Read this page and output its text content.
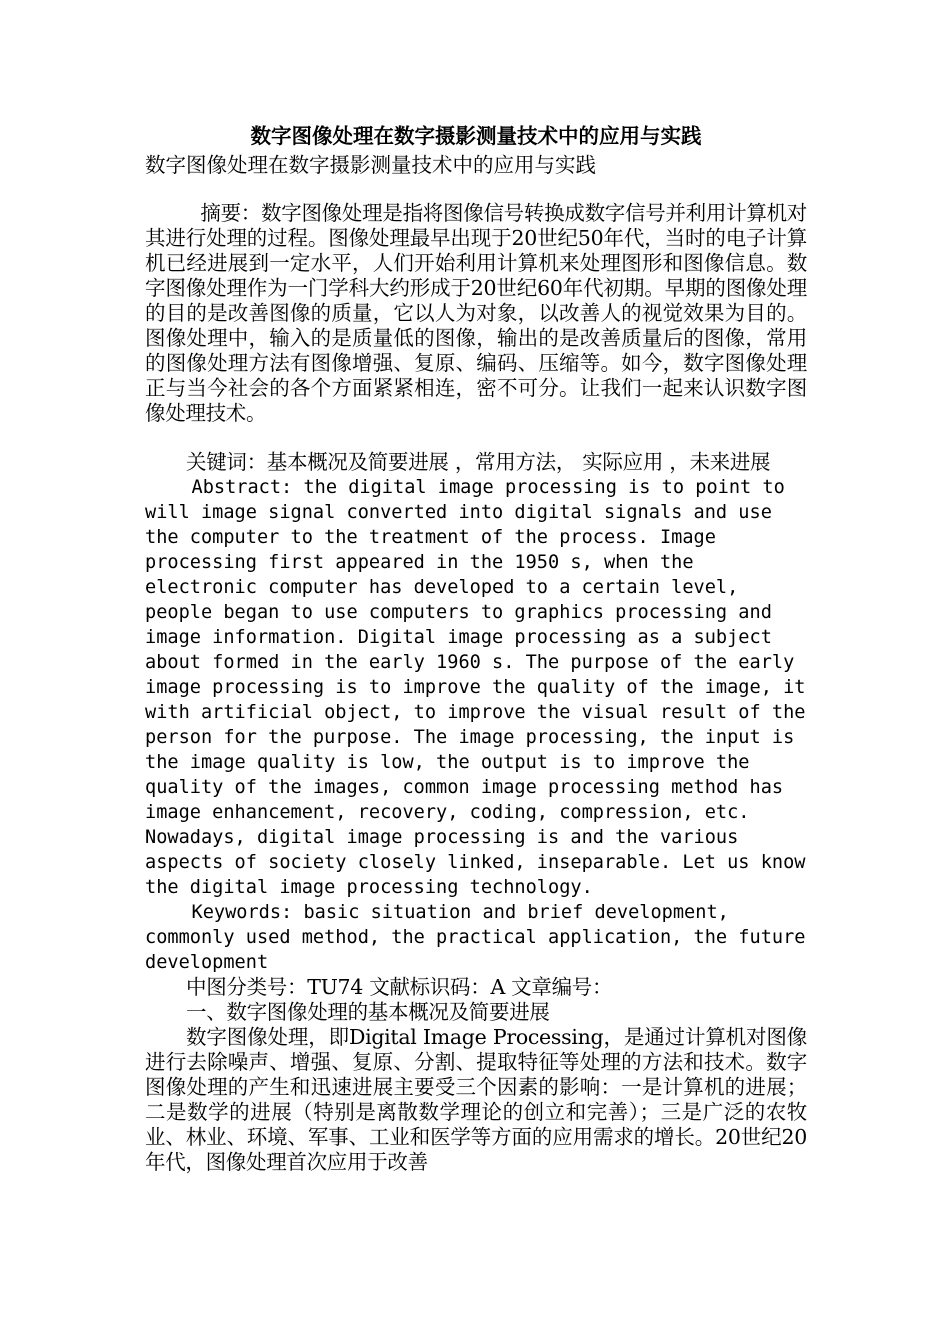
数字图像处理在数字摄影测量技术中的应用与实践

数字图像处理在数字摄影测量技术中的应用与实践

摘要：数字图像处理是指将图像信号转换成数字信号并利用计算机对其进行处理的过程。图像处理最早出现于20世纪50年代，当时的电子计算机已经进展到一定水平，人们开始利用计算机来处理图形和图像信息。数字图像处理作为一门学科大约形成于20世纪60年代初期。早期的图像处理的目的是改善图像的质量，它以人为对象，以改善人的视觉效果为目的。图像处理中，输入的是质量低的图像，输出的是改善质量后的图像，常用的图像处理方法有图像增强、复原、编码、压缩等。如今，数字图像处理正与当今社会的各个方面紧紧相连，密不可分。让我们一起来认识数字图像处理技术。

关键词：基本概况及简要进展 ，常用方法， 实际应用 ，未来进展

Abstract: the digital image processing is to point to will image signal converted into digital signals and use the computer to the treatment of the process. Image processing first appeared in the 1950 s, when the electronic computer has developed to a certain level, people began to use computers to graphics processing and image information. Digital image processing as a subject about formed in the early 1960 s. The purpose of the early image processing is to improve the quality of the image, it with artificial object, to improve the visual result of the person for the purpose. The image processing, the input is the image quality is low, the output is to improve the quality of the images, common image processing method has image enhancement, recovery, coding, compression, etc. Nowadays, digital image processing is and the various aspects of society closely linked, inseparable. Let us know the digital image processing technology.

Keywords: basic situation and brief development, commonly used method, the practical application, the future development

中图分类号：TU74 文献标识码：A 文章编号：

一、数字图像处理的基本概况及简要进展

数字图像处理，即Digital Image Processing，是通过计算机对图像进行去除噪声、增强、复原、分割、提取特征等处理的方法和技术。数字图像处理的产生和迅速进展主要受三个因素的影响：一是计算机的进展；二是数学的进展（特别是离散数学理论的创立和完善）；三是广泛的农牧业、林业、环境、军事、工业和医学等方面的应用需求的增长。20世纪20年代，图像处理首次应用于改善
